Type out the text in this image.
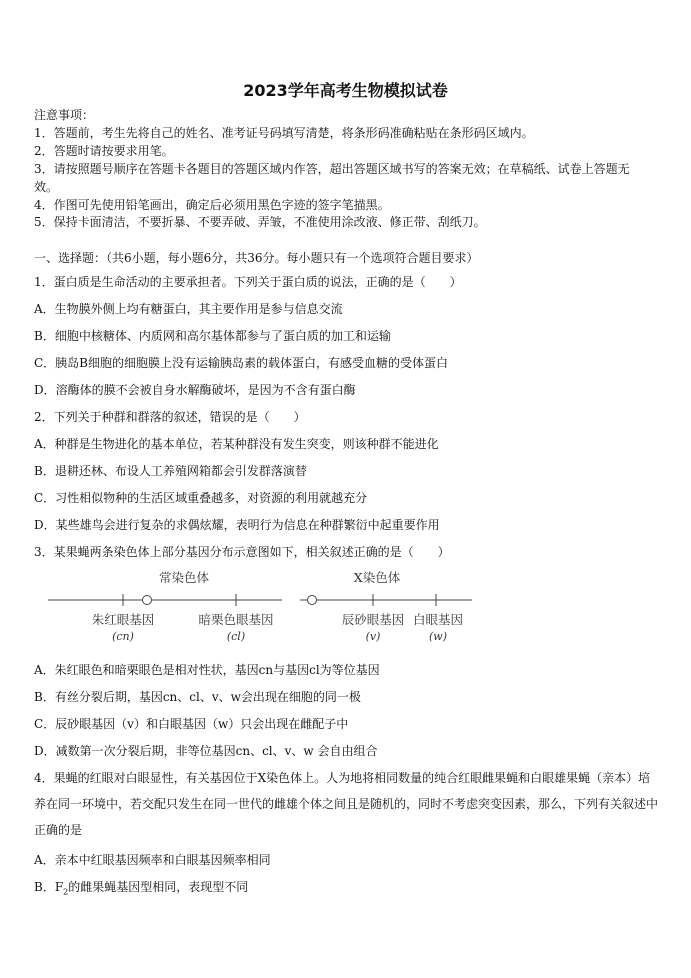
2023学年高考生物模拟试卷
注意事项：
1．答题前，考生先将自己的姓名、准考证号码填写清楚，将条形码准确粘贴在条形码区域内。
2．答题时请按要求用笔。
3．请按照题号顺序在答题卡各题目的答题区域内作答，超出答题区域书写的答案无效；在草稿纸、试卷上答题无
效。
4．作图可先使用铅笔画出，确定后必须用黑色字迹的签字笔描黑。
5．保持卡面清洁，不要折暴、不要弄破、弄皱，不准使用涂改液、修正带、刮纸刀。
一、选择题：（共6小题，每小题6分，共36分。每小题只有一个选项符合题目要求）
1．蛋白质是生命活动的主要承担者。下列关于蛋白质的说法，正确的是（　　）
A．生物膜外侧上均有糖蛋白，其主要作用是参与信息交流
B．细胞中核糖体、内质网和高尔基体都参与了蛋白质的加工和运输
C．胰岛B细胞的细胞膜上没有运输胰岛素的载体蛋白，有感受血糖的受体蛋白
D．溶酶体的膜不会被自身水解酶破坏，是因为不含有蛋白酶
2．下列关于种群和群落的叙述，错误的是（　　）
A．种群是生物进化的基本单位，若某种群没有发生突变，则该种群不能进化
B．退耕还林、布设人工养殖网箱都会引发群落演替
C．习性相似物种的生活区域重叠越多，对资源的利用就越充分
D．某些雄鸟会进行复杂的求偶炫耀，表明行为信息在种群繁衍中起重要作用
3．某果蝇两条染色体上部分基因分布示意图如下，相关叙述正确的是（　　）
常染色体	X染色体
朱红眼基因
(cn)
暗栗色眼基因
(cl)
辰砂眼基因
(v)
白眼基因
(w)
A．朱红眼色和暗栗眼色是相对性状，基因cn与基因cl为等位基因
B．有丝分裂后期，基因cn、cl、v、w会出现在细胞的同一极
C．辰砂眼基因（v）和白眼基因（w）只会出现在雌配子中
D．减数第一次分裂后期，非等位基因cn、cl、v、w 会自由组合
4．果蝇的红眼对白眼显性，有关基因位于X染色体上。人为地将相同数量的纯合红眼雌果蝇和白眼雄果蝇（亲本）培养在同一环境中，若交配只发生在同一世代的雌雄个体之间且是随机的，同时不考虑突变因素，那么，下列有关叙述中正确的是
A．亲本中红眼基因频率和白眼基因频率相同
B．$F_2$的雌果蝇基因型相同，表现型不同
